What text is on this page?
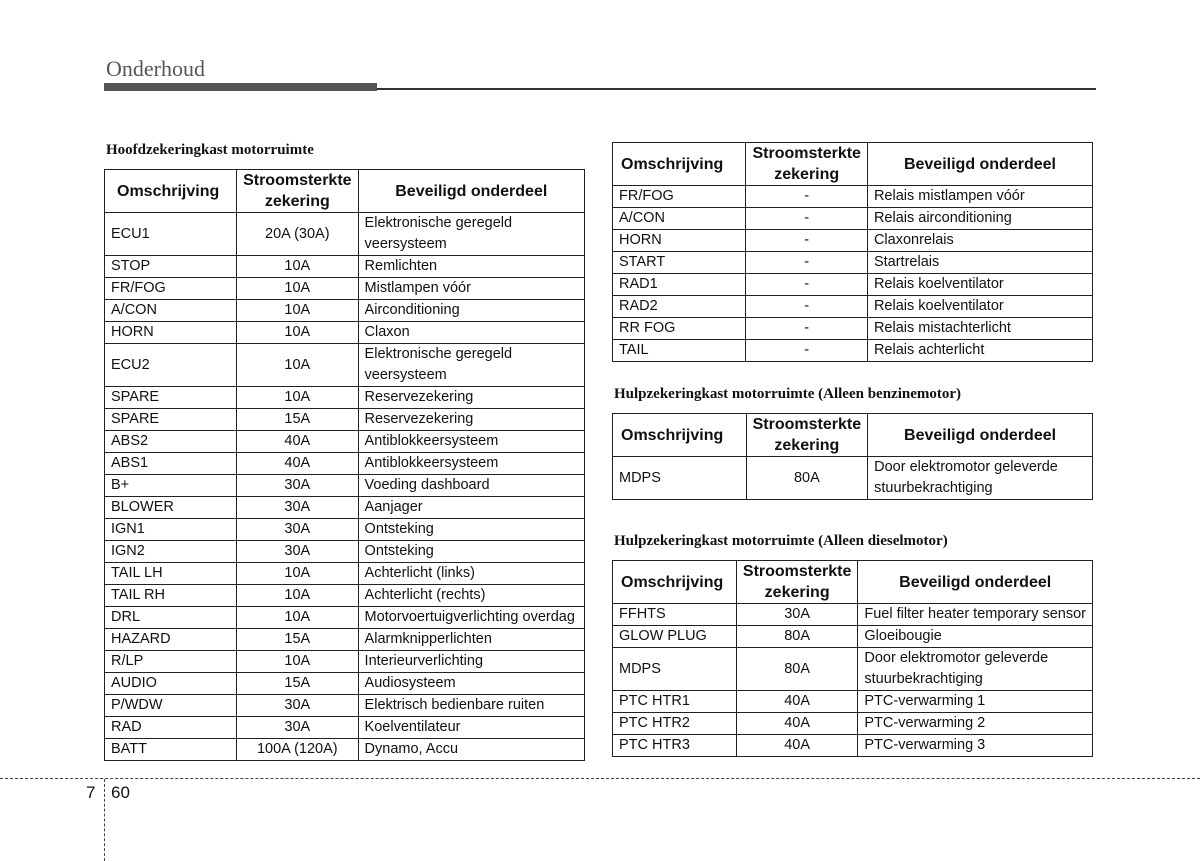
Onderhoud
Hoofdzekeringkast motorruimte
Omschrijving	Stroomsterkte zekering	Beveiligd onderdeel
ECU1	20A (30A)	Elektronische geregeld veersysteem
STOP	10A	Remlichten
FR/FOG	10A	Mistlampen vóór
A/CON	10A	Airconditioning
HORN	10A	Claxon
ECU2	10A	Elektronische geregeld veersysteem
SPARE	10A	Reservezekering
SPARE	15A	Reservezekering
ABS2	40A	Antiblokkeersysteem
ABS1	40A	Antiblokkeersysteem
B+	30A	Voeding dashboard
BLOWER	30A	Aanjager
IGN1	30A	Ontsteking
IGN2	30A	Ontsteking
TAIL LH	10A	Achterlicht (links)
TAIL RH	10A	Achterlicht (rechts)
DRL	10A	Motorvoertuigverlichting overdag
HAZARD	15A	Alarmknipperlichten
R/LP	10A	Interieurverlichting
AUDIO	15A	Audiosysteem
P/WDW	30A	Elektrisch bedienbare ruiten
RAD	30A	Koelventilateur
BATT	100A (120A)	Dynamo, Accu
Omschrijving	Stroomsterkte zekering	Beveiligd onderdeel
FR/FOG	-	Relais mistlampen vóór
A/CON	-	Relais airconditioning
HORN	-	Claxonrelais
START	-	Startrelais
RAD1	-	Relais koelventilator
RAD2	-	Relais koelventilator
RR FOG	-	Relais mistachterlicht
TAIL	-	Relais achterlicht
Hulpzekeringkast motorruimte (Alleen benzinemotor)
Omschrijving	Stroomsterkte zekering	Beveiligd onderdeel
MDPS	80A	Door elektromotor geleverde stuurbekrachtiging
Hulpzekeringkast motorruimte (Alleen dieselmotor)
Omschrijving	Stroomsterkte zekering	Beveiligd onderdeel
FFHTS	30A	Fuel filter heater temporary sensor
GLOW PLUG	80A	Gloeibougie
MDPS	80A	Door elektromotor geleverde stuurbekrachtiging
PTC HTR1	40A	PTC-verwarming 1
PTC HTR2	40A	PTC-verwarming 2
PTC HTR3	40A	PTC-verwarming 3
7 60
